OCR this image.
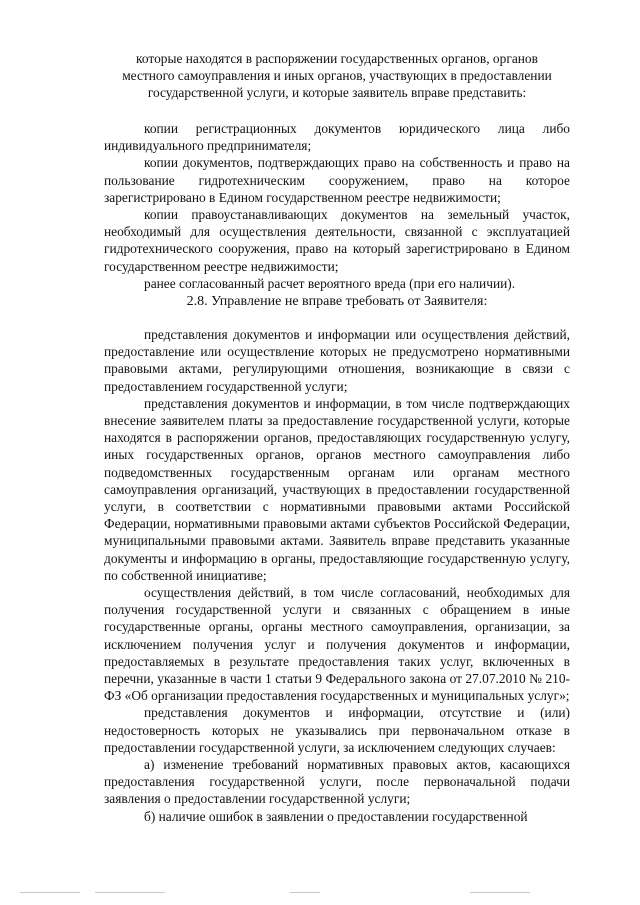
которые находятся в распоряжении государственных органов, органов

местного самоуправления и иных органов, участвующих в предоставлении

государственной услуги, и которые заявитель вправе представить:

копии регистрационных документов юридического лица либо индивидуального предпринимателя;

копии документов, подтверждающих право на собственность и право на пользование гидротехническим сооружением, право на которое зарегистрировано в Едином государственном реестре недвижимости;

копии правоустанавливающих документов на земельный участок, необходимый для осуществления деятельности, связанной с эксплуатацией гидротехнического сооружения, право на который зарегистрировано в Едином государственном реестре недвижимости;

ранее согласованный расчет вероятного вреда (при его наличии).

2.8. Управление не вправе требовать от Заявителя:

представления документов и информации или осуществления действий, предоставление или осуществление которых не предусмотрено нормативными правовыми актами, регулирующими отношения, возникающие в связи с предоставлением государственной услуги;

представления документов и информации, в том числе подтверждающих внесение заявителем платы за предоставление государственной услуги, которые находятся в распоряжении органов, предоставляющих государственную услугу, иных государственных органов, органов местного самоуправления либо подведомственных государственным органам или органам местного самоуправления организаций, участвующих в предоставлении государственной услуги, в соответствии с нормативными правовыми актами Российской Федерации, нормативными правовыми актами субъектов Российской Федерации, муниципальными правовыми актами. Заявитель вправе представить указанные документы и информацию в органы, предоставляющие государственную услугу, по собственной инициативе;

осуществления действий, в том числе согласований, необходимых для получения государственной услуги и связанных с обращением в иные государственные органы, органы местного самоуправления, организации, за исключением получения услуг и получения документов и информации, предоставляемых в результате предоставления таких услуг, включенных в перечни, указанные в части 1 статьи 9 Федерального закона от 27.07.2010 № 210-ФЗ «Об организации предоставления государственных и муниципальных услуг»;

представления документов и информации, отсутствие и (или) недостоверность которых не указывались при первоначальном отказе в предоставлении государственной услуги, за исключением следующих случаев:

а) изменение требований нормативных правовых актов, касающихся предоставления государственной услуги, после первоначальной подачи заявления о предоставлении государственной услуги;

б) наличие ошибок в заявлении о предоставлении государственной
